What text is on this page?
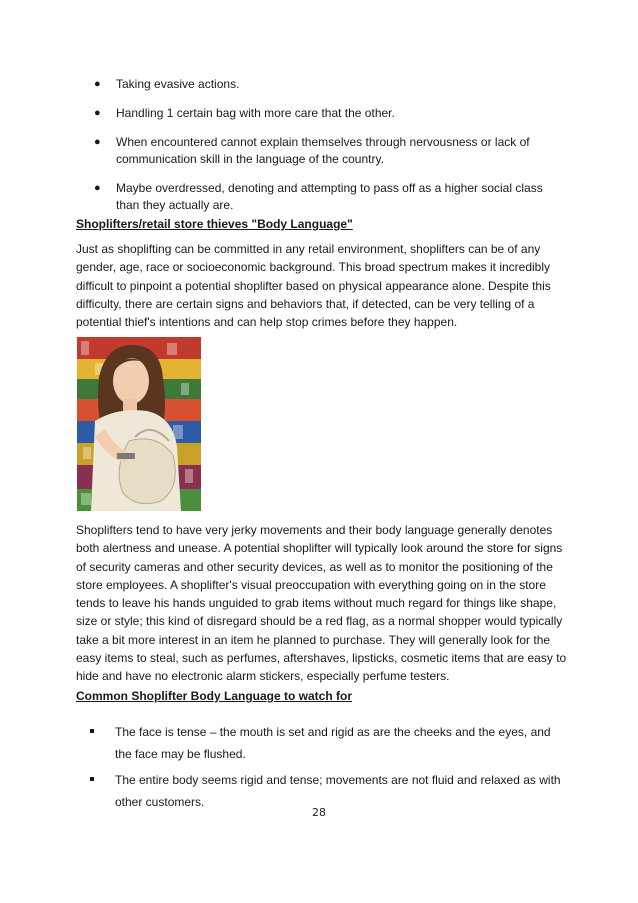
● Taking evasive actions.
● Handling 1 certain bag with more care that the other.
● When encountered cannot explain themselves through nervousness or lack of communication skill in the language of the country.
● Maybe overdressed, denoting and attempting to pass off as a higher social class than they actually are.
Shoplifters/retail store thieves "Body Language"

Just as shoplifting can be committed in any retail environment, shoplifters can be of any gender, age, race or socioeconomic background. This broad spectrum makes it incredibly difficult to pinpoint a potential shoplifter based on physical appearance alone. Despite this difficulty, there are certain signs and behaviors that, if detected, can be very telling of a potential thief's intentions and can help stop crimes before they happen.

Shoplifters tend to have very jerky movements and their body language generally denotes both alertness and unease. A potential shoplifter will typically look around the store for signs of security cameras and other security devices, as well as to monitor the positioning of the store employees. A shoplifter's visual preoccupation with everything going on in the store tends to leave his hands unguided to grab items without much regard for things like shape, size or style; this kind of disregard should be a red flag, as a normal shopper would typically take a bit more interest in an item he planned to purchase. They will generally look for the easy items to steal, such as perfumes, aftershaves, lipsticks, cosmetic items that are easy to hide and have no electronic alarm stickers, especially perfume testers.

Common Shoplifter Body Language to watch for
The face is tense – the mouth is set and rigid as are the cheeks and the eyes, and the face may be flushed.
The entire body seems rigid and tense; movements are not fluid and relaxed as with other customers.
28
